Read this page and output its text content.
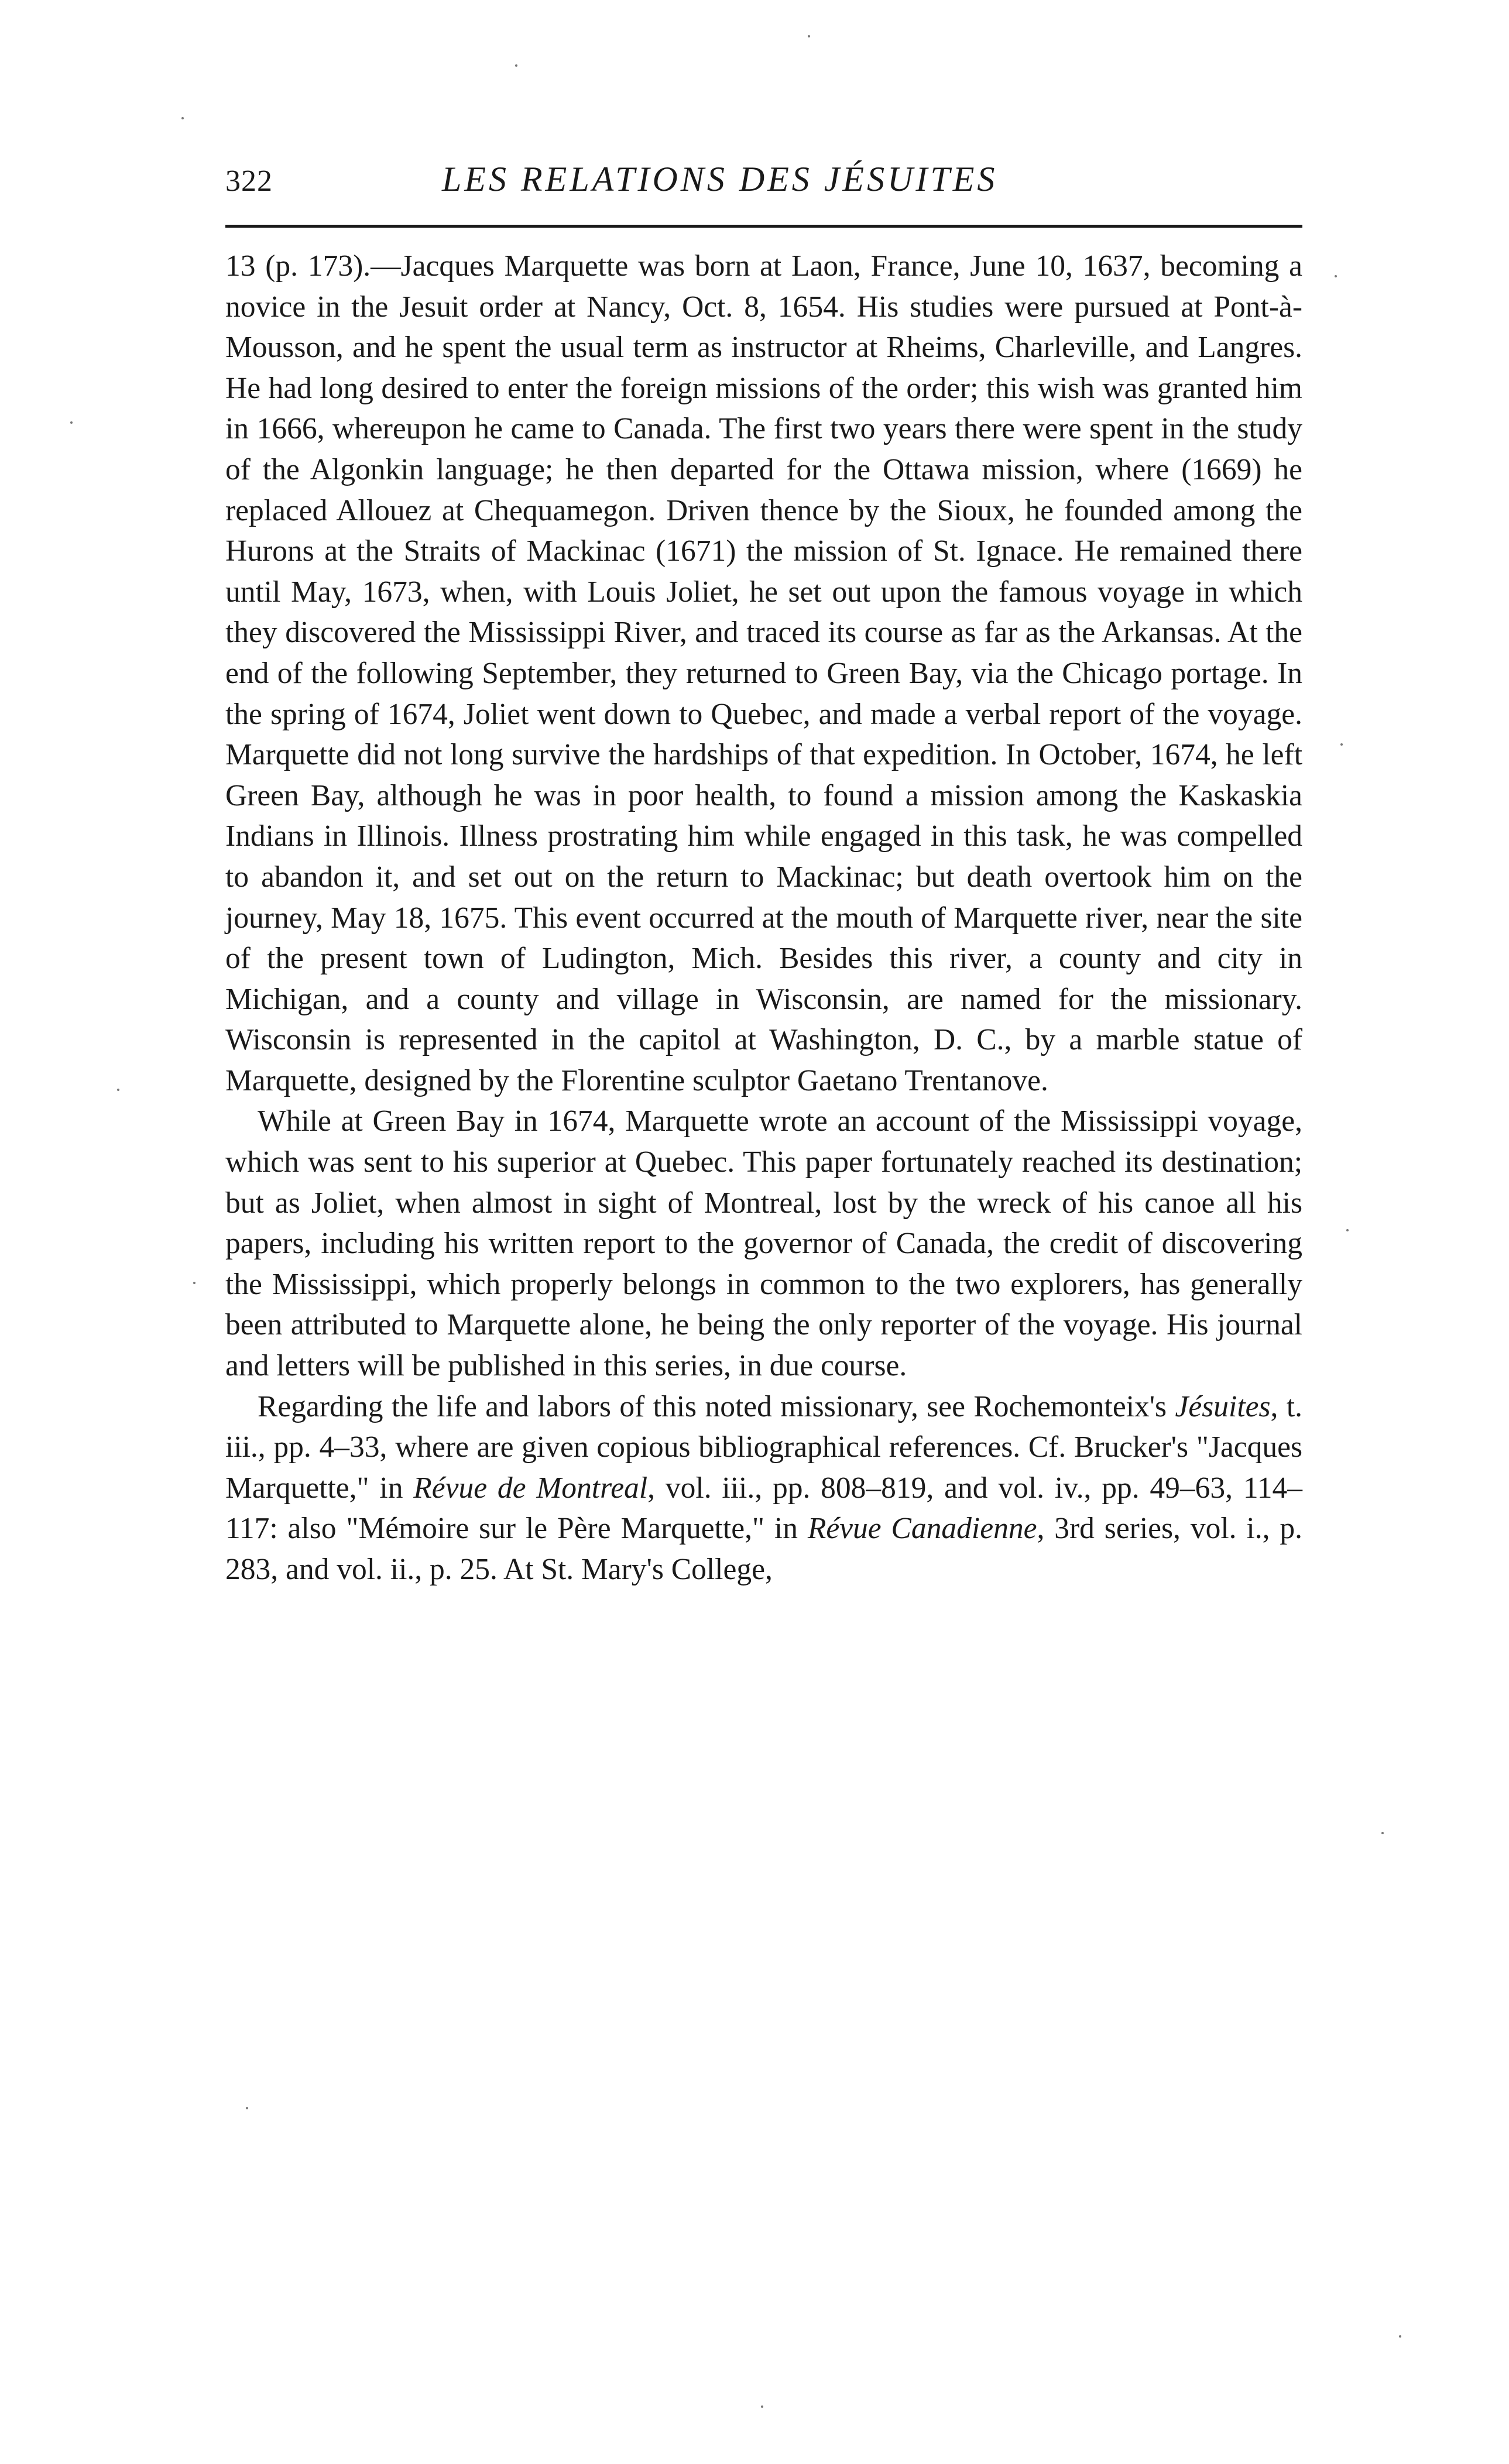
322	LES RELATIONS DES JÉSUITES

13 (p. 173).—Jacques Marquette was born at Laon, France, June 10, 1637, becoming a novice in the Jesuit order at Nancy, Oct. 8, 1654. His studies were pursued at Pont-à-Mousson, and he spent the usual term as instructor at Rheims, Charleville, and Langres. He had long desired to enter the foreign missions of the order; this wish was granted him in 1666, whereupon he came to Canada. The first two years there were spent in the study of the Algonkin language; he then departed for the Ottawa mission, where (1669) he replaced Allouez at Chequamegon. Driven thence by the Sioux, he founded among the Hurons at the Straits of Mackinac (1671) the mission of St. Ignace. He remained there until May, 1673, when, with Louis Joliet, he set out upon the famous voyage in which they discovered the Mississippi River, and traced its course as far as the Arkansas. At the end of the following September, they returned to Green Bay, via the Chicago portage. In the spring of 1674, Joliet went down to Quebec, and made a verbal report of the voyage. Marquette did not long survive the hardships of that expedition. In October, 1674, he left Green Bay, although he was in poor health, to found a mission among the Kaskaskia Indians in Illinois. Illness prostrating him while engaged in this task, he was compelled to abandon it, and set out on the return to Mackinac; but death overtook him on the journey, May 18, 1675. This event occurred at the mouth of Marquette river, near the site of the present town of Ludington, Mich. Besides this river, a county and city in Michigan, and a county and village in Wisconsin, are named for the missionary. Wisconsin is represented in the capitol at Washington, D. C., by a marble statue of Marquette, designed by the Florentine sculptor Gaetano Trentanove.

While at Green Bay in 1674, Marquette wrote an account of the Mississippi voyage, which was sent to his superior at Quebec. This paper fortunately reached its destination; but as Joliet, when almost in sight of Montreal, lost by the wreck of his canoe all his papers, including his written report to the governor of Canada, the credit of discovering the Mississippi, which properly belongs in common to the two explorers, has generally been attributed to Marquette alone, he being the only reporter of the voyage. His journal and letters will be published in this series, in due course.

Regarding the life and labors of this noted missionary, see Rochemonteix's Jésuites, t. iii., pp. 4–33, where are given copious bibliographical references. Cf. Brucker's "Jacques Marquette," in Révue de Montreal, vol. iii., pp. 808–819, and vol. iv., pp. 49–63, 114–117: also "Mémoire sur le Père Marquette," in Révue Canadienne, 3rd series, vol. i., p. 283, and vol. ii., p. 25. At St. Mary's College,
